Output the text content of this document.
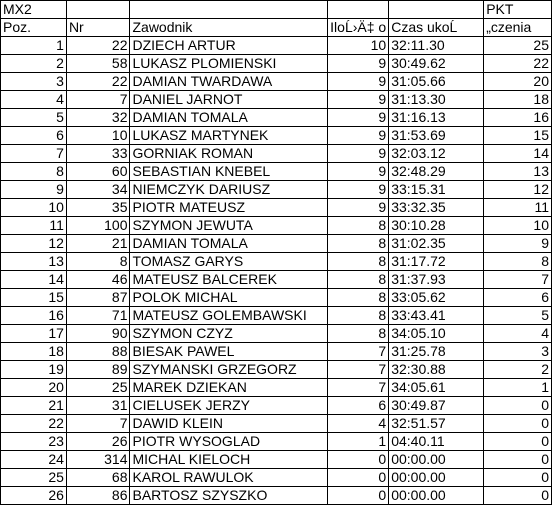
MX2					PKT
Poz.	Nr	Zawodnik	IloĹ›Ä‡ o	Czas ukoĹ	„czenia
1	22	DZIECH ARTUR	10	32:11.30	25
2	58	LUKASZ PLOMIENSKI	9	30:49.62	22
3	22	DAMIAN TWARDAWA	9	31:05.66	20
4	7	DANIEL JARNOT	9	31:13.30	18
5	32	DAMIAN TOMALA	9	31:16.13	16
6	10	LUKASZ MARTYNEK	9	31:53.69	15
7	33	GORNIAK ROMAN	9	32:03.12	14
8	60	SEBASTIAN KNEBEL	9	32:48.29	13
9	34	NIEMCZYK DARIUSZ	9	33:15.31	12
10	35	PIOTR MATEUSZ	9	33:32.35	11
11	100	SZYMON JEWUTA	8	30:10.28	10
12	21	DAMIAN TOMALA	8	31:02.35	9
13	8	TOMASZ GARYS	8	31:17.72	8
14	46	MATEUSZ BALCEREK	8	31:37.93	7
15	87	POLOK MICHAL	8	33:05.62	6
16	71	MATEUSZ GOLEMBAWSKI	8	33:43.41	5
17	90	SZYMON CZYZ	8	34:05.10	4
18	88	BIESAK PAWEL	7	31:25.78	3
19	89	SZYMANSKI GRZEGORZ	7	32:30.88	2
20	25	MAREK DZIEKAN	7	34:05.61	1
21	31	CIELUSEK JERZY	6	30:49.87	0
22	7	DAWID KLEIN	4	32:51.57	0
23	26	PIOTR WYSOGLAD	1	04:40.11	0
24	314	MICHAL KIELOCH	0	00:00.00	0
25	68	KAROL RAWULOK	0	00:00.00	0
26	86	BARTOSZ SZYSZKO	0	00:00.00	0
